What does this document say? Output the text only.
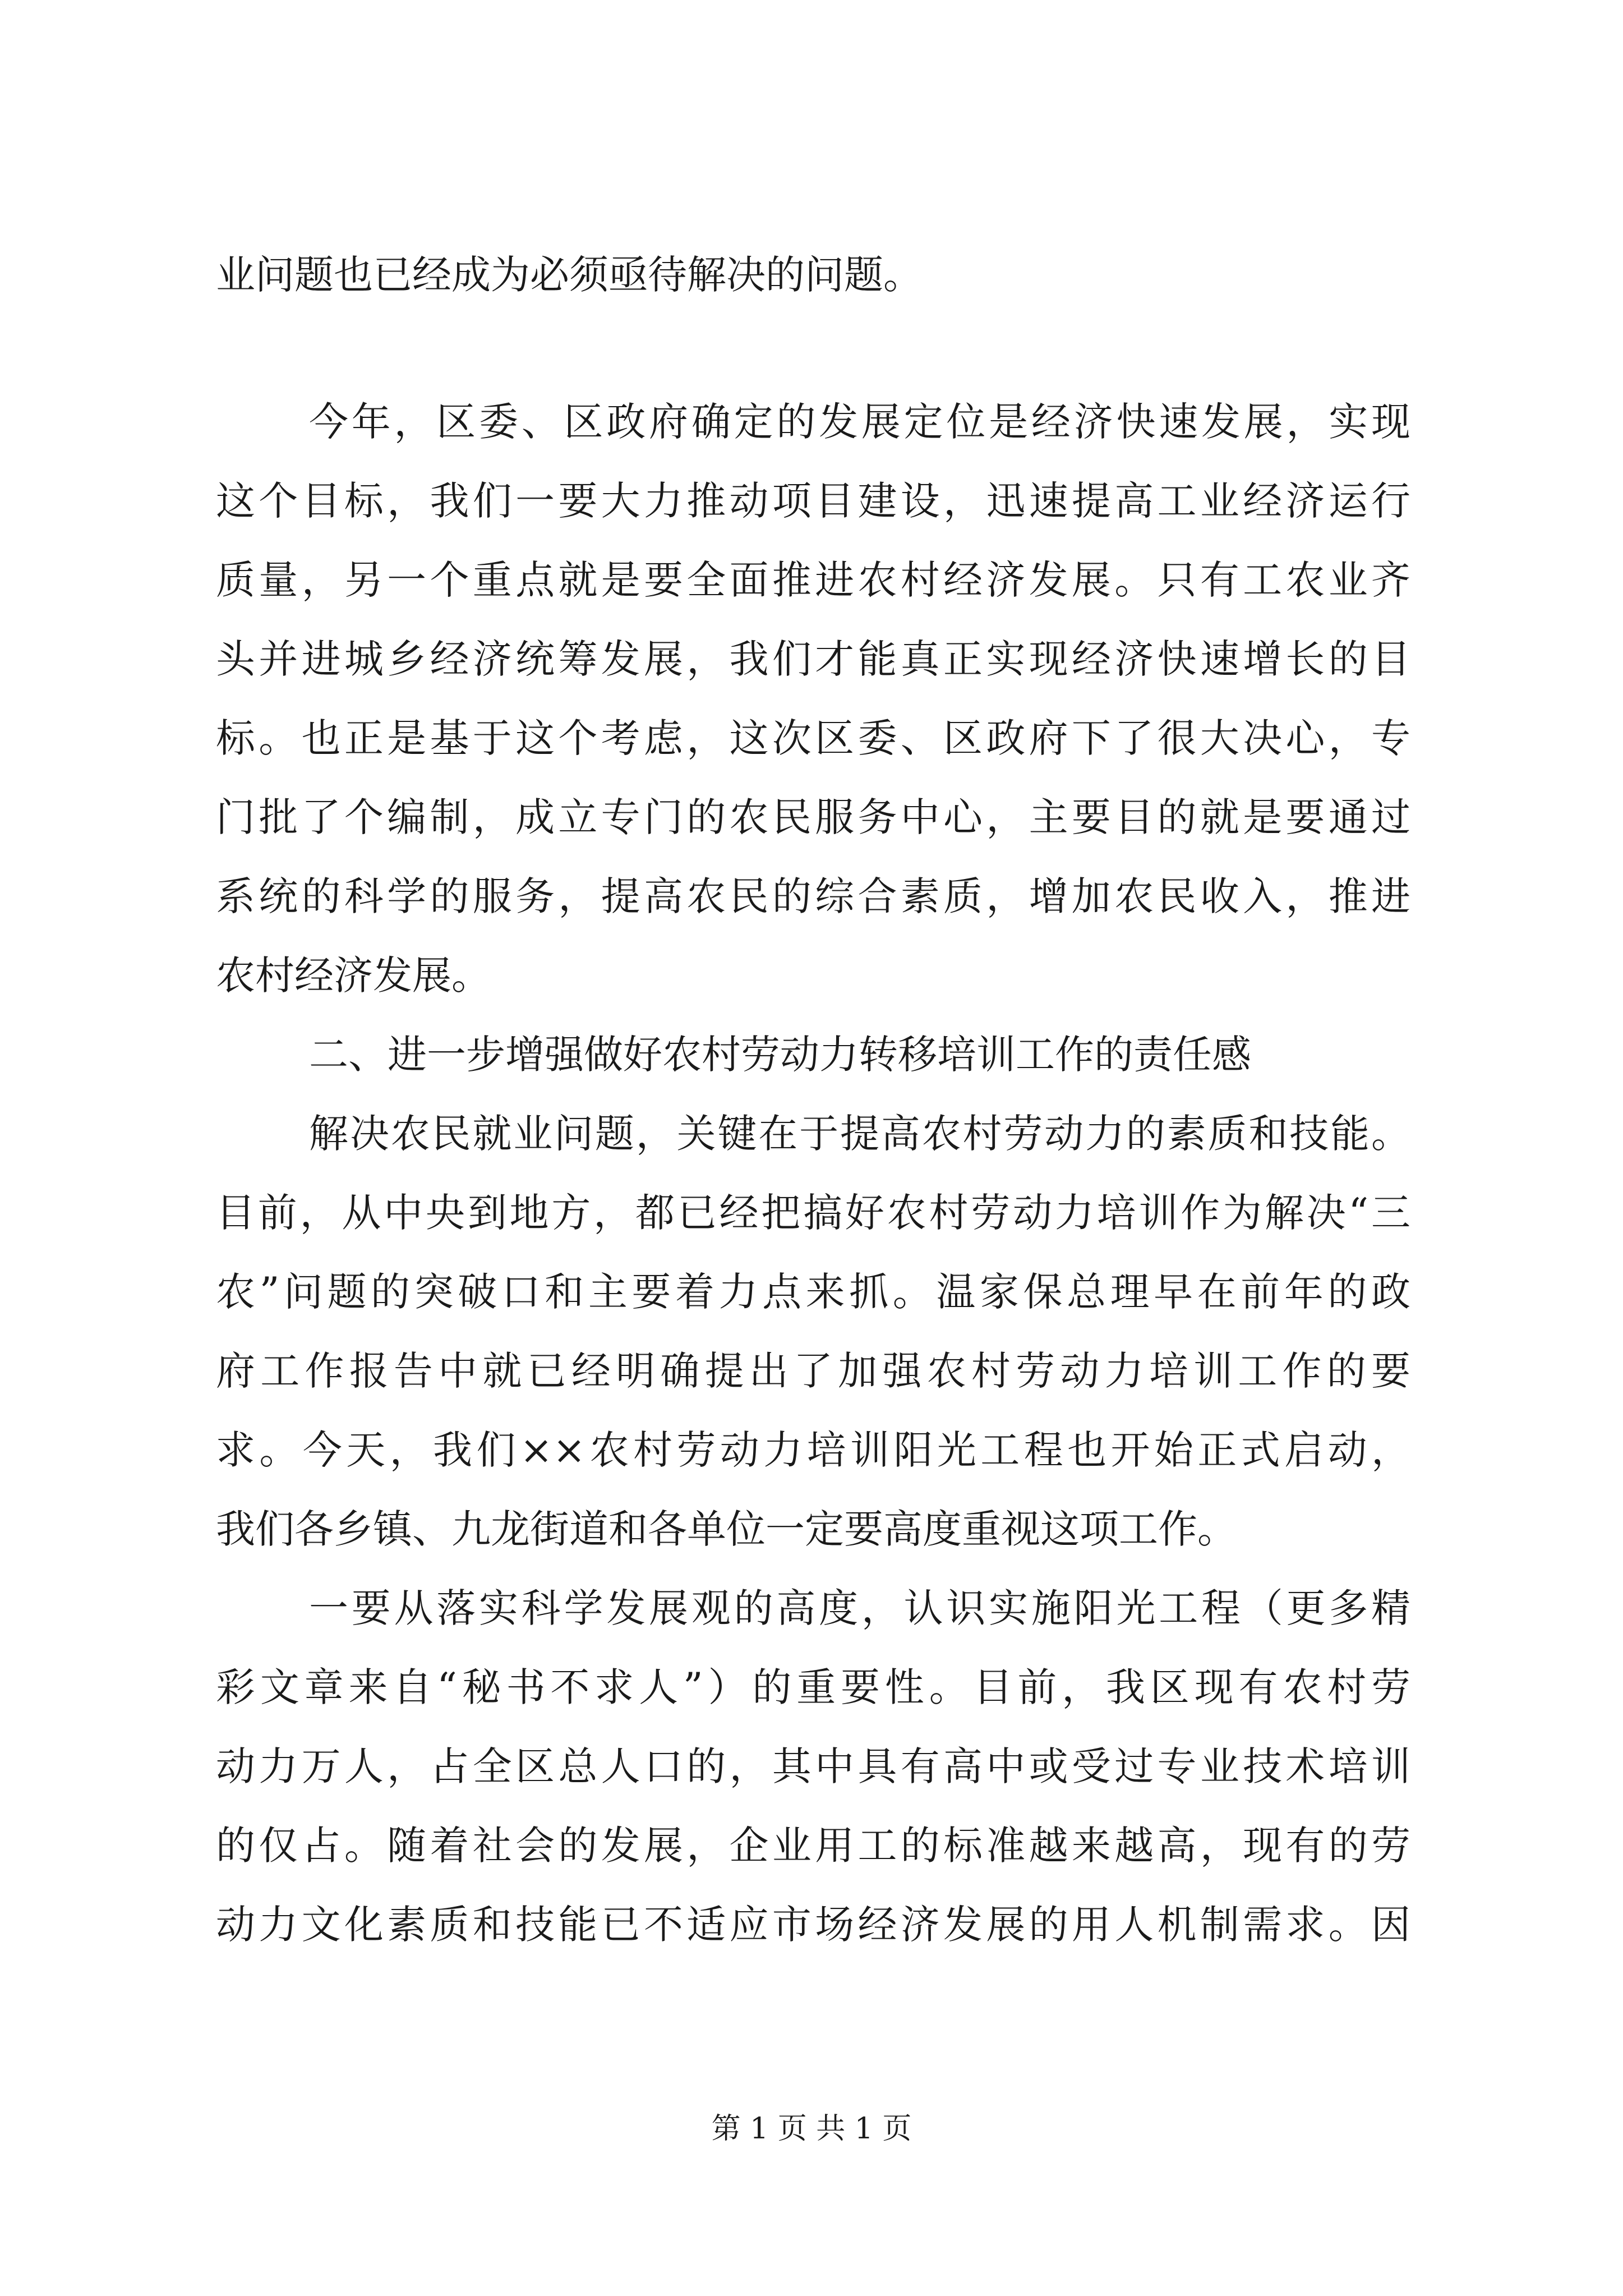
业问题也已经成为必须亟待解决的问题。
今年，区委、区政府确定的发展定位是经济快速发展，实现
这个目标，我们一要大力推动项目建设，迅速提高工业经济运行
质量，另一个重点就是要全面推进农村经济发展。只有工农业齐
头并进城乡经济统筹发展，我们才能真正实现经济快速增长的目
标。也正是基于这个考虑，这次区委、区政府下了很大决心，专
门批了个编制，成立专门的农民服务中心，主要目的就是要通过
系统的科学的服务，提高农民的综合素质，增加农民收入，推进
农村经济发展。
二、进一步增强做好农村劳动力转移培训工作的责任感
解决农民就业问题，关键在于提高农村劳动力的素质和技能。
目前，从中央到地方，都已经把搞好农村劳动力培训作为解决“三
农”问题的突破口和主要着力点来抓。温家保总理早在前年的政
府工作报告中就已经明确提出了加强农村劳动力培训工作的要
求。今天，我们××农村劳动力培训阳光工程也开始正式启动，
我们各乡镇、九龙街道和各单位一定要高度重视这项工作。
一要从落实科学发展观的高度，认识实施阳光工程（更多精
彩文章来自“秘书不求人”）的重要性。目前，我区现有农村劳
动力万人，占全区总人口的，其中具有高中或受过专业技术培训
的仅占。随着社会的发展，企业用工的标准越来越高，现有的劳
动力文化素质和技能已不适应市场经济发展的用人机制需求。因
第 1 页 共 1 页
